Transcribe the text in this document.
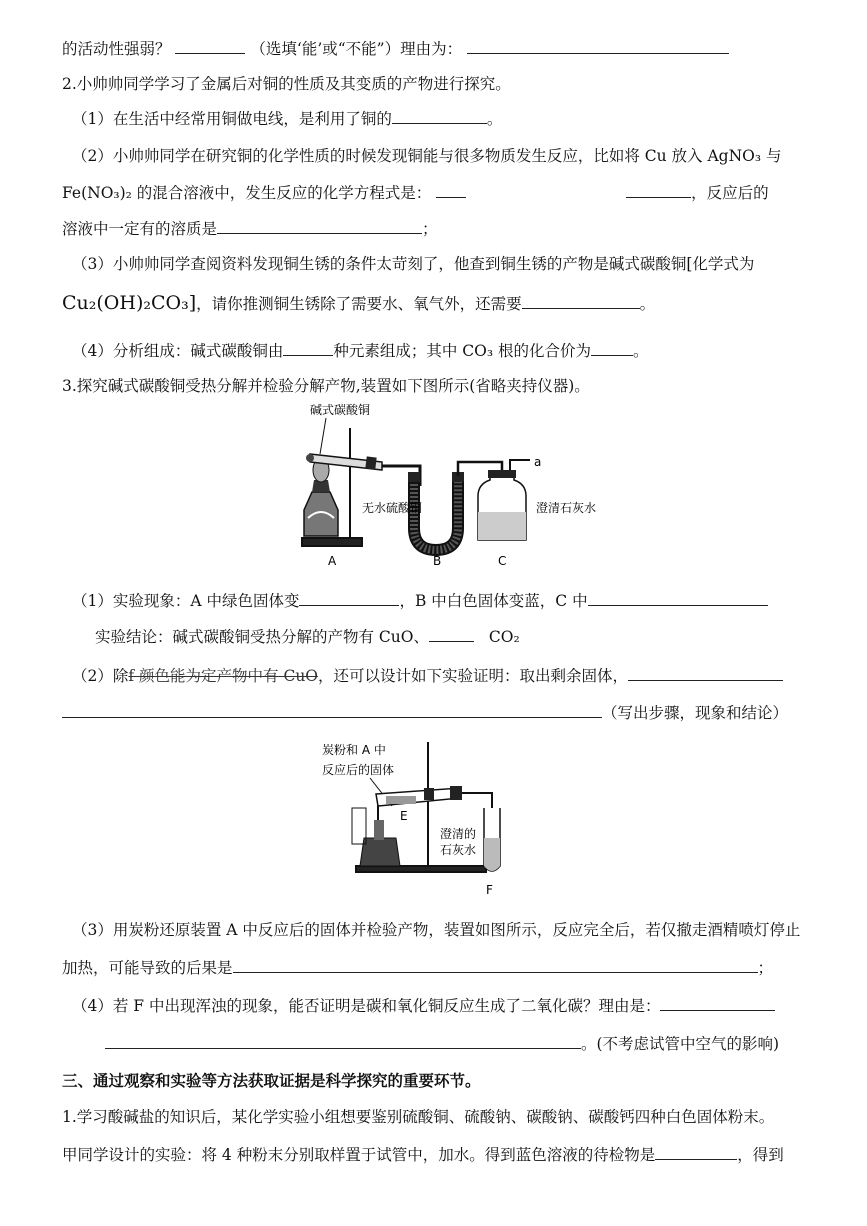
的活动性强弱？	（选填‘能’或“不能”）理由为：
2.小帅帅同学学习了金属后对铜的性质及其变质的产物进行探究。
（1）在生活中经常用铜做电线，是利用了铜的	。
（2）小帅帅同学在研究铜的化学性质的时候发现铜能与很多物质发生反应，比如将 Cu 放入 AgNO₃ 与
Fe(NO₃)₂ 的混合溶液中，发生反应的化学方程式是：	，反应后的
溶液中一定有的溶质是	；
（3）小帅帅同学查阅资料发现铜生锈的条件太苛刻了，他查到铜生锈的产物是碱式碳酸铜[化学式为
Cu₂(OH)₂CO₃]，请你推测铜生锈除了需要水、氧气外，还需要	。
（4）分析组成：碱式碳酸铜由	种元素组成；其中 CO₃ 根的化合价为	。
3.探究碱式碳酸铜受热分解并检验分解产物,装置如下图所示(省略夹持仪器)。
碱式碳酸铜
无水硫酸铜	澄清石灰水
a
A	B	C
（1）实验现象：A 中绿色固体变	，B 中白色固体变蓝，C 中
实验结论：碱式碳酸铜受热分解的产物有 CuO、	CO₂
（2）除f 颜色能为定产物中有 CuO，还可以设计如下实验证明：取出剩余固体，
（写出步骤，现象和结论）
炭粉和 A 中
反应后的固体
E
澄清的
石灰水
F
（3）用炭粉还原装置 A 中反应后的固体并检验产物，装置如图所示，反应完全后，若仅撤走酒精喷灯停止
加热，可能导致的后果是	；
（4）若 F 中出现浑浊的现象，能否证明是碳和氧化铜反应生成了二氧化碳？理由是：
。(不考虑试管中空气的影响)
三、通过观察和实验等方法获取证据是科学探究的重要环节。
1.学习酸碱盐的知识后，某化学实验小组想要鉴别硫酸铜、硫酸钠、碳酸钠、碳酸钙四种白色固体粉末。
甲同学设计的实验：将 4 种粉末分别取样置于试管中，加水。得到蓝色溶液的待检物是	，得到
